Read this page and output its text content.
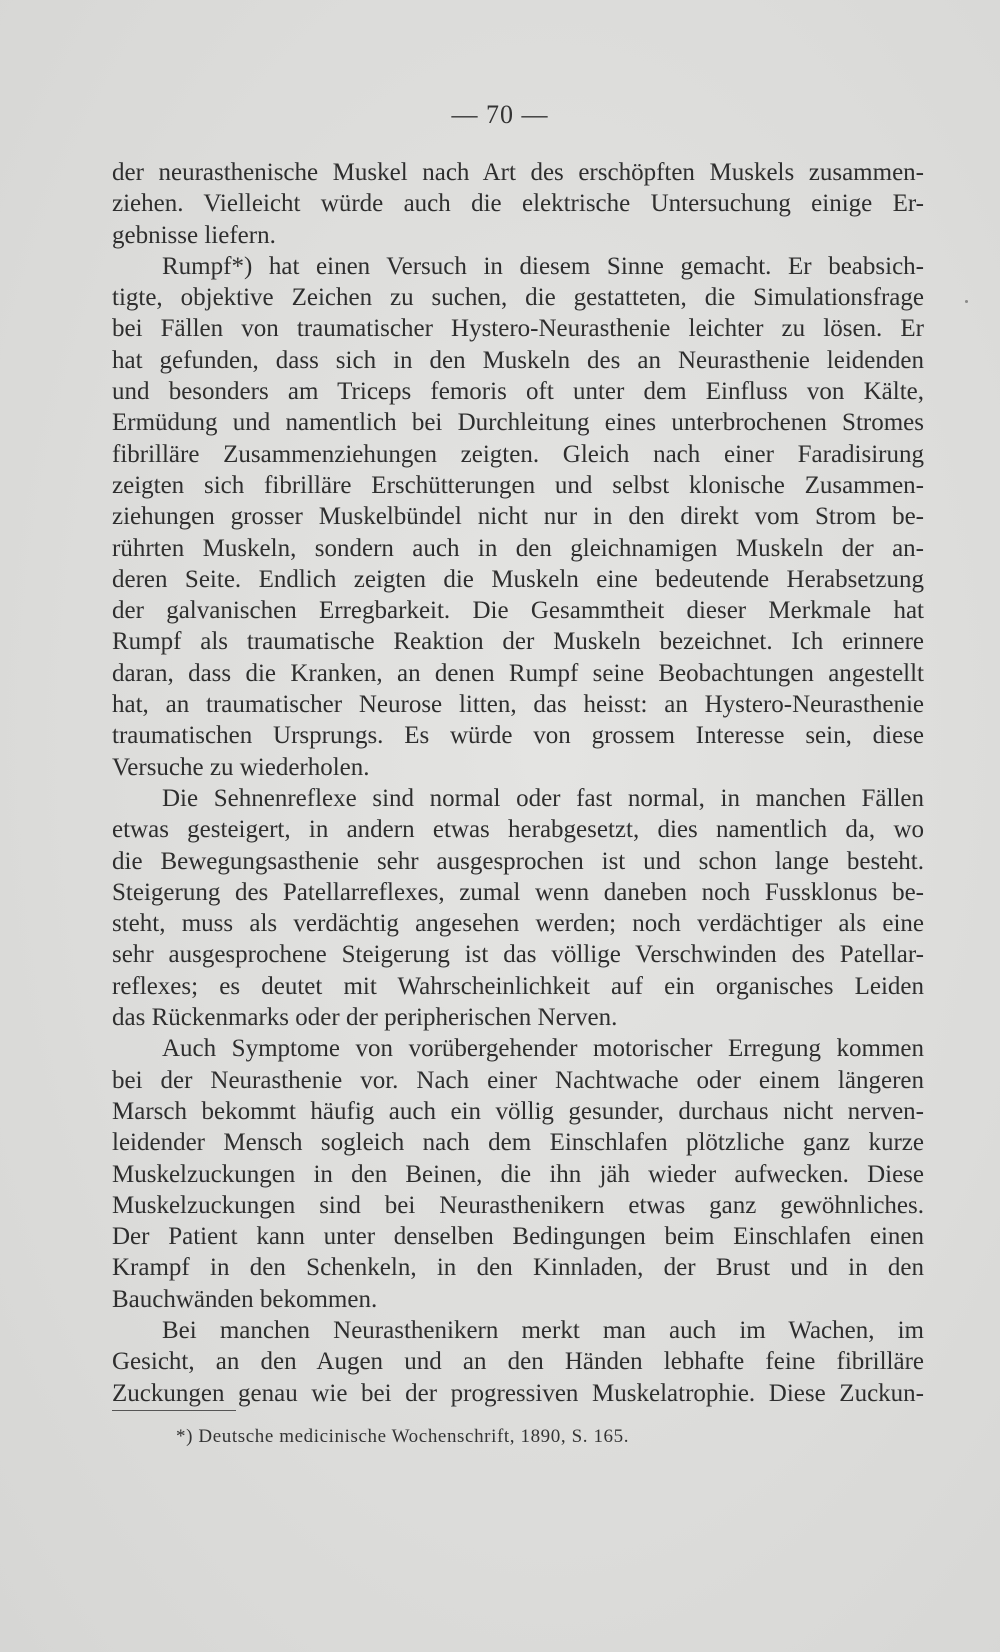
— 70 —
der neurasthenische Muskel nach Art des erschöpften Muskels zusammen-
ziehen. Vielleicht würde auch die elektrische Untersuchung einige Er-
gebnisse liefern.
Rumpf*) hat einen Versuch in diesem Sinne gemacht. Er beabsich-
tigte, objektive Zeichen zu suchen, die gestatteten, die Simulationsfrage
bei Fällen von traumatischer Hystero-Neurasthenie leichter zu lösen. Er
hat gefunden, dass sich in den Muskeln des an Neurasthenie leidenden
und besonders am Triceps femoris oft unter dem Einfluss von Kälte,
Ermüdung und namentlich bei Durchleitung eines unterbrochenen Stromes
fibrilläre Zusammenziehungen zeigten. Gleich nach einer Faradisirung
zeigten sich fibrilläre Erschütterungen und selbst klonische Zusammen-
ziehungen grosser Muskelbündel nicht nur in den direkt vom Strom be-
rührten Muskeln, sondern auch in den gleichnamigen Muskeln der an-
deren Seite. Endlich zeigten die Muskeln eine bedeutende Herabsetzung
der galvanischen Erregbarkeit. Die Gesammtheit dieser Merkmale hat
Rumpf als traumatische Reaktion der Muskeln bezeichnet. Ich erinnere
daran, dass die Kranken, an denen Rumpf seine Beobachtungen angestellt
hat, an traumatischer Neurose litten, das heisst: an Hystero-Neurasthenie
traumatischen Ursprungs. Es würde von grossem Interesse sein, diese
Versuche zu wiederholen.
Die Sehnenreflexe sind normal oder fast normal, in manchen Fällen
etwas gesteigert, in andern etwas herabgesetzt, dies namentlich da, wo
die Bewegungsasthenie sehr ausgesprochen ist und schon lange besteht.
Steigerung des Patellarreflexes, zumal wenn daneben noch Fussklonus be-
steht, muss als verdächtig angesehen werden; noch verdächtiger als eine
sehr ausgesprochene Steigerung ist das völlige Verschwinden des Patellar-
reflexes; es deutet mit Wahrscheinlichkeit auf ein organisches Leiden
das Rückenmarks oder der peripherischen Nerven.
Auch Symptome von vorübergehender motorischer Erregung kommen
bei der Neurasthenie vor. Nach einer Nachtwache oder einem längeren
Marsch bekommt häufig auch ein völlig gesunder, durchaus nicht nerven-
leidender Mensch sogleich nach dem Einschlafen plötzliche ganz kurze
Muskelzuckungen in den Beinen, die ihn jäh wieder aufwecken. Diese
Muskelzuckungen sind bei Neurasthenikern etwas ganz gewöhnliches.
Der Patient kann unter denselben Bedingungen beim Einschlafen einen
Krampf in den Schenkeln, in den Kinnladen, der Brust und in den
Bauchwänden bekommen.
Bei manchen Neurasthenikern merkt man auch im Wachen, im
Gesicht, an den Augen und an den Händen lebhafte feine fibrilläre
Zuckungen genau wie bei der progressiven Muskelatrophie. Diese Zuckun-
*) Deutsche medicinische Wochenschrift, 1890, S. 165.
